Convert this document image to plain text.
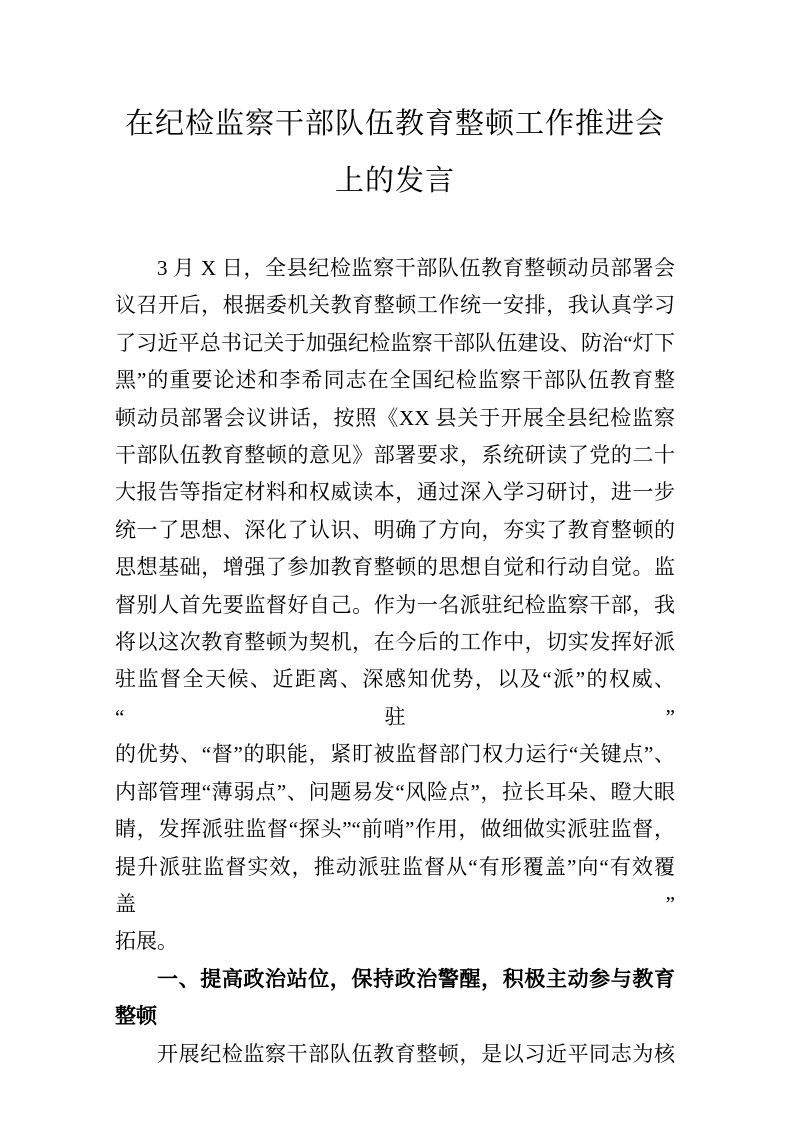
在纪检监察干部队伍教育整顿工作推进会
上的发言
3 月 X 日，全县纪检监察干部队伍教育整顿动员部署会
议召开后，根据委机关教育整顿工作统一安排，我认真学习
了习近平总书记关于加强纪检监察干部队伍建设、防治“灯下
黑”的重要论述和李希同志在全国纪检监察干部队伍教育整
顿动员部署会议讲话，按照《XX 县关于开展全县纪检监察
干部队伍教育整顿的意见》部署要求，系统研读了党的二十
大报告等指定材料和权威读本，通过深入学习研讨，进一步
统一了思想、深化了认识、明确了方向，夯实了教育整顿的
思想基础，增强了参加教育整顿的思想自觉和行动自觉。监
督别人首先要监督好自己。作为一名派驻纪检监察干部，我
将以这次教育整顿为契机，在今后的工作中，切实发挥好派
驻监督全天候、近距离、深感知优势，以及“派”的权威、“驻”
的优势、“督”的职能，紧盯被监督部门权力运行“关键点”、
内部管理“薄弱点”、问题易发“风险点”，拉长耳朵、瞪大眼
睛，发挥派驻监督“探头”“前哨”作用，做细做实派驻监督，
提升派驻监督实效，推动派驻监督从“有形覆盖”向“有效覆盖”
拓展。
一、提高政治站位，保持政治警醒，积极主动参与教育
整顿
开展纪检监察干部队伍教育整顿，是以习近平同志为核
